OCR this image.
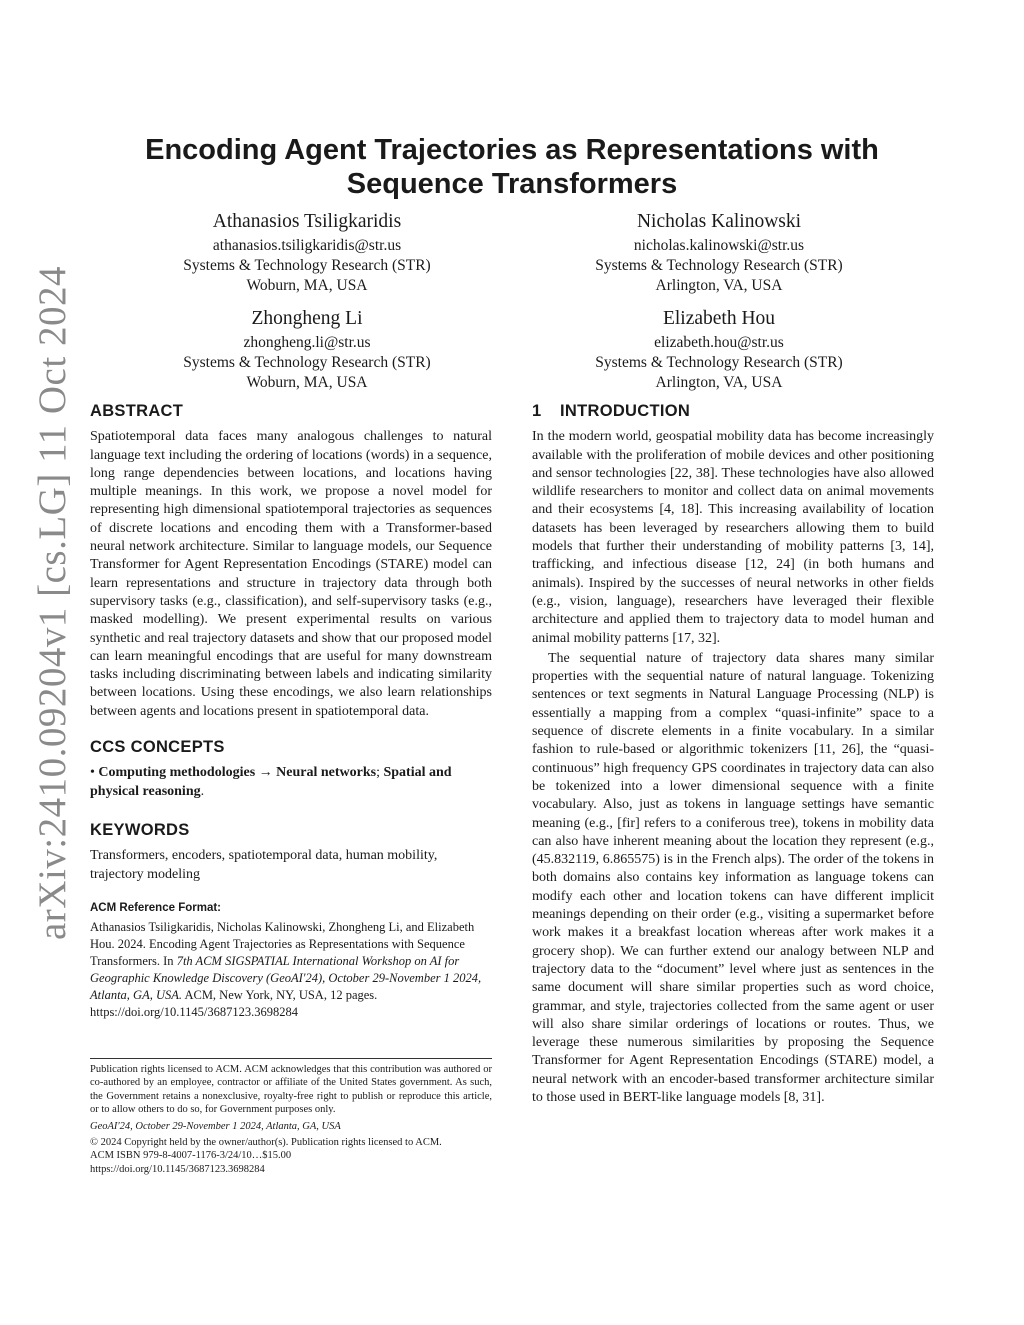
arXiv:2410.09204v1 [cs.LG] 11 Oct 2024
Encoding Agent Trajectories as Representations with Sequence Transformers
Athanasios Tsiligkaridis
athanasios.tsiligkaridis@str.us
Systems & Technology Research (STR)
Woburn, MA, USA
Nicholas Kalinowski
nicholas.kalinowski@str.us
Systems & Technology Research (STR)
Arlington, VA, USA
Zhongheng Li
zhongheng.li@str.us
Systems & Technology Research (STR)
Woburn, MA, USA
Elizabeth Hou
elizabeth.hou@str.us
Systems & Technology Research (STR)
Arlington, VA, USA
ABSTRACT

Spatiotemporal data faces many analogous challenges to natural language text including the ordering of locations (words) in a sequence, long range dependencies between locations, and locations having multiple meanings. In this work, we propose a novel model for representing high dimensional spatiotemporal trajectories as sequences of discrete locations and encoding them with a Transformer-based neural network architecture. Similar to language models, our Sequence Transformer for Agent Representation Encodings (STARE) model can learn representations and structure in trajectory data through both supervisory tasks (e.g., classification), and self-supervisory tasks (e.g., masked modelling). We present experimental results on various synthetic and real trajectory datasets and show that our proposed model can learn meaningful encodings that are useful for many downstream tasks including discriminating between labels and indicating similarity between locations. Using these encodings, we also learn relationships between agents and locations present in spatiotemporal data.

CCS CONCEPTS

• Computing methodologies → Neural networks; Spatial and physical reasoning.

KEYWORDS

Transformers, encoders, spatiotemporal data, human mobility, trajectory modeling

ACM Reference Format:

Athanasios Tsiligkaridis, Nicholas Kalinowski, Zhongheng Li, and Elizabeth Hou. 2024. Encoding Agent Trajectories as Representations with Sequence Transformers. In 7th ACM SIGSPATIAL International Workshop on AI for Geographic Knowledge Discovery (GeoAI'24), October 29-November 1 2024, Atlanta, GA, USA. ACM, New York, NY, USA, 12 pages. https://doi.org/10.1145/3687123.3698284

Publication rights licensed to ACM. ACM acknowledges that this contribution was authored or co-authored by an employee, contractor or affiliate of the United States government. As such, the Government retains a nonexclusive, royalty-free right to publish or reproduce this article, or to allow others to do so, for Government purposes only.

GeoAI'24, October 29-November 1 2024, Atlanta, GA, USA

© 2024 Copyright held by the owner/author(s). Publication rights licensed to ACM.

ACM ISBN 979-8-4007-1176-3/24/10…$15.00

https://doi.org/10.1145/3687123.3698284

1 INTRODUCTION

In the modern world, geospatial mobility data has become increasingly available with the proliferation of mobile devices and other positioning and sensor technologies [22, 38]. These technologies have also allowed wildlife researchers to monitor and collect data on animal movements and their ecosystems [4, 18]. This increasing availability of location datasets has been leveraged by researchers allowing them to build models that further their understanding of mobility patterns [3, 14], trafficking, and infectious disease [12, 24] (in both humans and animals). Inspired by the successes of neural networks in other fields (e.g., vision, language), researchers have leveraged their flexible architecture and applied them to trajectory data to model human and animal mobility patterns [17, 32].

The sequential nature of trajectory data shares many similar properties with the sequential nature of natural language. Tokenizing sentences or text segments in Natural Language Processing (NLP) is essentially a mapping from a complex “quasi-infinite” space to a sequence of discrete elements in a finite vocabulary. In a similar fashion to rule-based or algorithmic tokenizers [11, 26], the “quasi-continuous” high frequency GPS coordinates in trajectory data can also be tokenized into a lower dimensional sequence with a finite vocabulary. Also, just as tokens in language settings have semantic meaning (e.g., [fir] refers to a coniferous tree), tokens in mobility data can also have inherent meaning about the location they represent (e.g., (45.832119, 6.865575) is in the French alps). The order of the tokens in both domains also contains key information as language tokens can modify each other and location tokens can have different implicit meanings depending on their order (e.g., visiting a supermarket before work makes it a breakfast location whereas after work makes it a grocery shop). We can further extend our analogy between NLP and trajectory data to the “document” level where just as sentences in the same document will share similar properties such as word choice, grammar, and style, trajectories collected from the same agent or user will also share similar orderings of locations or routes. Thus, we leverage these numerous similarities by proposing the Sequence Transformer for Agent Representation Encodings (STARE) model, a neural network with an encoder-based transformer architecture similar to those used in BERT-like language models [8, 31].
